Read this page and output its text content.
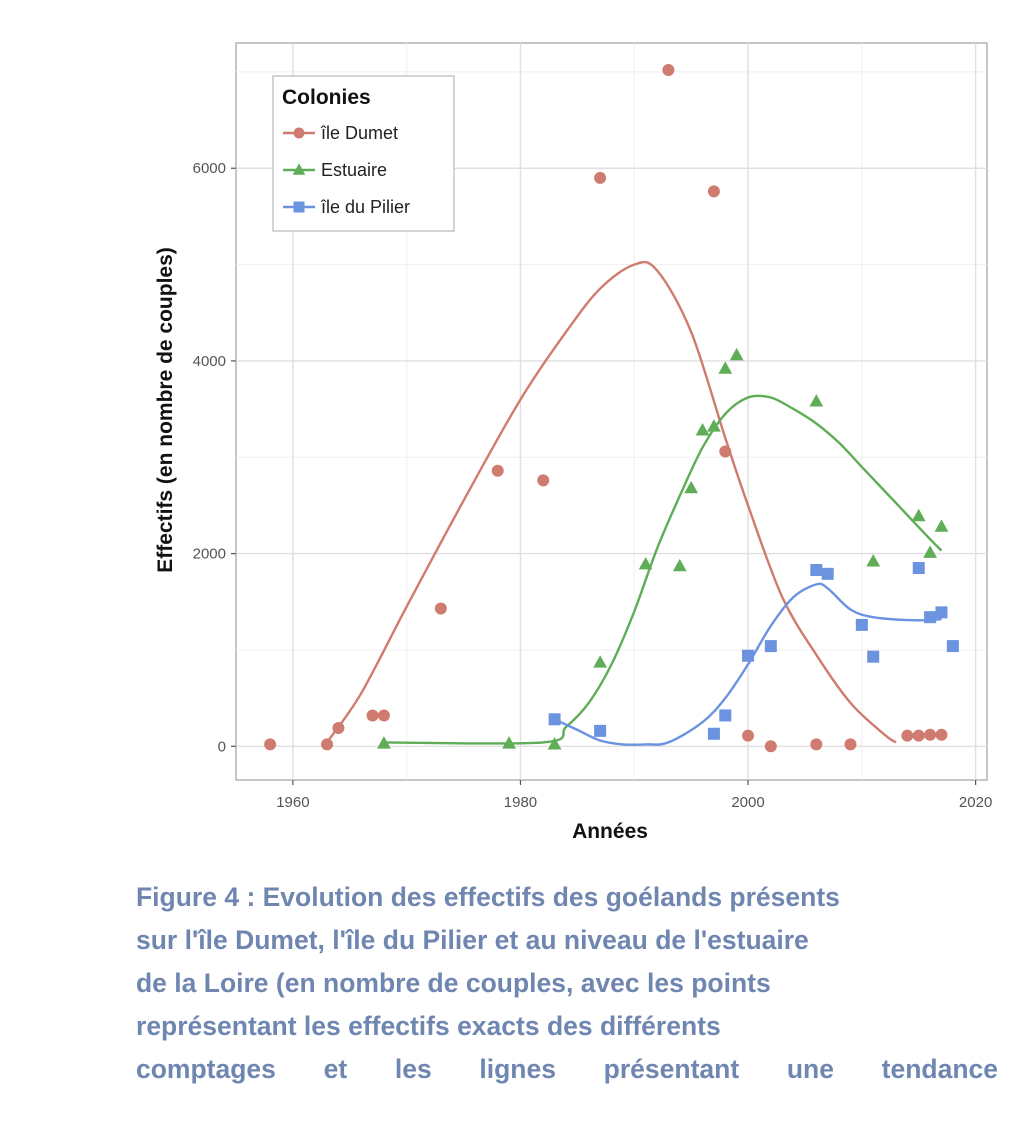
1960	1980	2000	2020
0
2000
4000
6000
Années
Effectifs (en nombre de couples)
Colonies
île Dumet
Estuaire
île du Pilier

Figure 4 : Evolution des effectifs des goélands présents

sur l'île Dumet, l'île du Pilier et au niveau de l'estuaire

de la Loire (en nombre de couples, avec les points

représentant les effectifs exacts des différents

comptages et les lignes présentant une tendance
